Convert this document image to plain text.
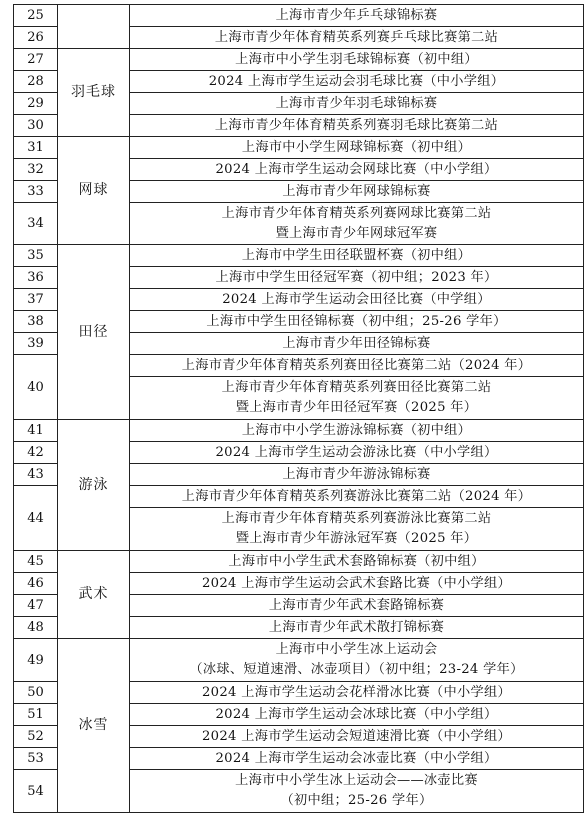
25		上海市青少年乒乓球锦标赛
26		上海市青少年体育精英系列赛乒乓球比赛第二站
27	羽毛球	上海市中小学生羽毛球锦标赛（初中组）
28		2024 上海市学生运动会羽毛球比赛（中小学组）
29		上海市青少年羽毛球锦标赛
30		上海市青少年体育精英系列赛羽毛球比赛第二站
31	网球	上海市中小学生网球锦标赛（初中组）
32		2024 上海市学生运动会网球比赛（中小学组）
33		上海市青少年网球锦标赛
34		上海市青少年体育精英系列赛网球比赛第二站
暨上海市青少年网球冠军赛

35	田径	上海市中学生田径联盟杯赛（初中组）
36		上海市中学生田径冠军赛（初中组；2023 年）
37		2024 上海市学生运动会田径比赛（中学组）
38		上海市中学生田径锦标赛（初中组；25-26 学年）
39		上海市青少年田径锦标赛
40		上海市青少年体育精英系列赛田径比赛第二站（2024 年）

		上海市青少年体育精英系列赛田径比赛第二站
暨上海市青少年田径冠军赛（2025 年）

41	游泳	上海市中小学生游泳锦标赛（初中组）
42		2024 上海市学生运动会游泳比赛（中小学组）
43		上海市青少年游泳锦标赛
44		上海市青少年体育精英系列赛游泳比赛第二站（2024 年）

		上海市青少年体育精英系列赛游泳比赛第二站
暨上海市青少年游泳冠军赛（2025 年）

45	武术	上海市中小学生武术套路锦标赛（初中组）
46		2024 上海市学生运动会武术套路比赛（中小学组）
47		上海市青少年武术套路锦标赛
48		上海市青少年武术散打锦标赛
49	冰雪	上海市中小学生冰上运动会
（冰球、短道速滑、冰壶项目）（初中组；23-24 学年）

50		2024 上海市学生运动会花样滑冰比赛（中小学组）
51		2024 上海市学生运动会冰球比赛（中小学组）
52		2024 上海市学生运动会短道速滑比赛（中小学组）
53		2024 上海市学生运动会冰壶比赛（中小学组）
54		上海市中小学生冰上运动会——冰壶比赛
（初中组；25-26 学年）
